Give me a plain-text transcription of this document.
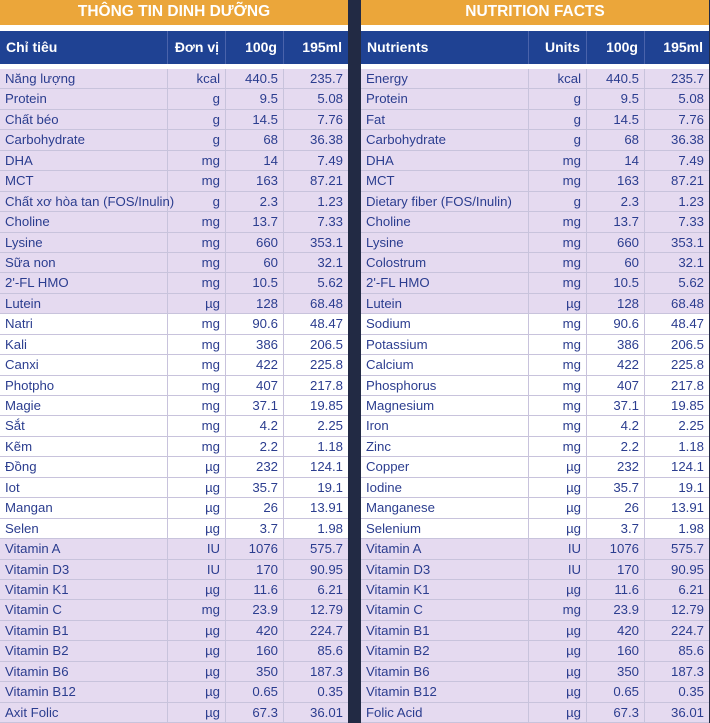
THÔNG TIN DINH DƯỠNG
Chỉ tiêu	Đơn vị	100g	195ml
Năng lượng	kcal	440.5	235.7
Protein	g	9.5	5.08
Chất béo	g	14.5	7.76
Carbohydrate	g	68	36.38
DHA	mg	14	7.49
MCT	mg	163	87.21
Chất xơ hòa tan (FOS/Inulin)	g	2.3	1.23
Choline	mg	13.7	7.33
Lysine	mg	660	353.1
Sữa non	mg	60	32.1
2'-FL HMO	mg	10.5	5.62
Lutein	µg	128	68.48
Natri	mg	90.6	48.47
Kali	mg	386	206.5
Canxi	mg	422	225.8
Photpho	mg	407	217.8
Magie	mg	37.1	19.85
Sắt	mg	4.2	2.25
Kẽm	mg	2.2	1.18
Đồng	µg	232	124.1
Iot	µg	35.7	19.1
Mangan	µg	26	13.91
Selen	µg	3.7	1.98
Vitamin A	IU	1076	575.7
Vitamin D3	IU	170	90.95
Vitamin K1	µg	11.6	6.21
Vitamin C	mg	23.9	12.79
Vitamin B1	µg	420	224.7
Vitamin B2	µg	160	85.6
Vitamin B6	µg	350	187.3
Vitamin B12	µg	0.65	0.35
Axit Folic	µg	67.3	36.01
NUTRITION FACTS
Nutrients	Units	100g	195ml
Energy	kcal	440.5	235.7
Protein	g	9.5	5.08
Fat	g	14.5	7.76
Carbohydrate	g	68	36.38
DHA	mg	14	7.49
MCT	mg	163	87.21
Dietary fiber (FOS/Inulin)	g	2.3	1.23
Choline	mg	13.7	7.33
Lysine	mg	660	353.1
Colostrum	mg	60	32.1
2'-FL HMO	mg	10.5	5.62
Lutein	µg	128	68.48
Sodium	mg	90.6	48.47
Potassium	mg	386	206.5
Calcium	mg	422	225.8
Phosphorus	mg	407	217.8
Magnesium	mg	37.1	19.85
Iron	mg	4.2	2.25
Zinc	mg	2.2	1.18
Copper	µg	232	124.1
Iodine	µg	35.7	19.1
Manganese	µg	26	13.91
Selenium	µg	3.7	1.98
Vitamin A	IU	1076	575.7
Vitamin D3	IU	170	90.95
Vitamin K1	µg	11.6	6.21
Vitamin C	mg	23.9	12.79
Vitamin B1	µg	420	224.7
Vitamin B2	µg	160	85.6
Vitamin B6	µg	350	187.3
Vitamin B12	µg	0.65	0.35
Folic Acid	µg	67.3	36.01
